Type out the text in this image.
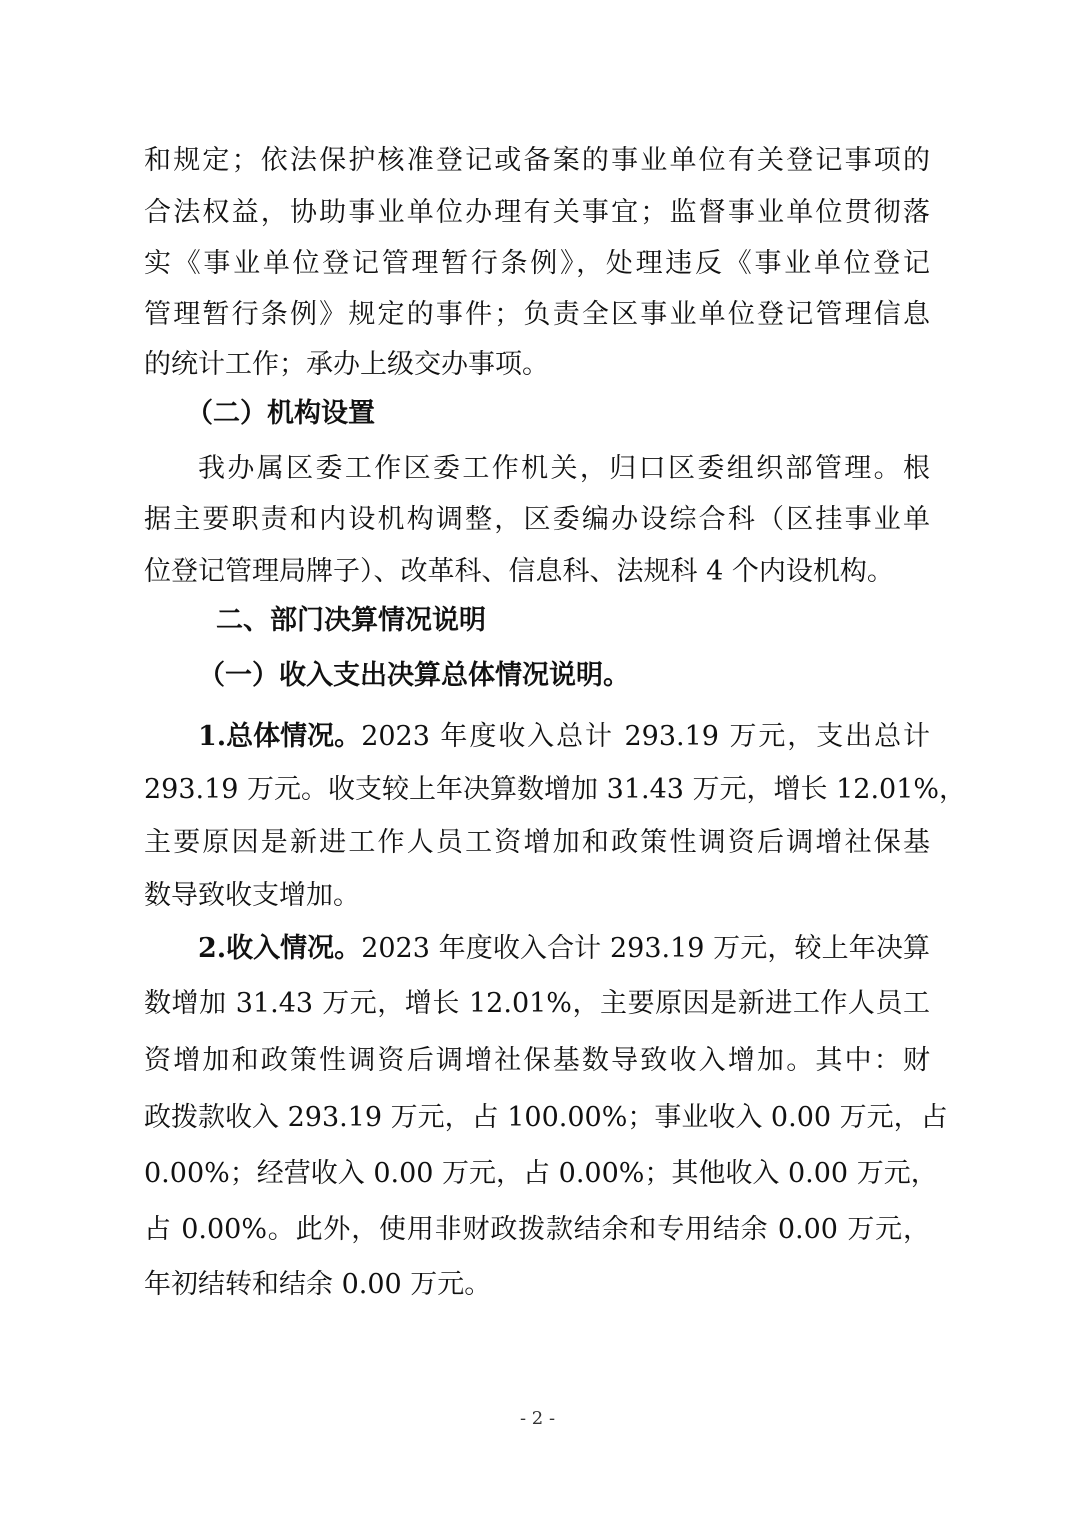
和规定；依法保护核准登记或备案的事业单位有关登记事项的
合法权益，协助事业单位办理有关事宜；监督事业单位贯彻落
实《事业单位登记管理暂行条例》，处理违反《事业单位登记
管理暂行条例》规定的事件；负责全区事业单位登记管理信息
的统计工作；承办上级交办事项。
（二）机构设置
我办属区委工作区委工作机关，归口区委组织部管理。根
据主要职责和内设机构调整，区委编办设综合科（区挂事业单
位登记管理局牌子）、改革科、信息科、法规科 4 个内设机构。
二、部门决算情况说明
（一）收入支出决算总体情况说明。
1.总体情况。 2023 年度收入总计 293.19 万元，支出总计
293.19 万元。收支较上年决算数增加 31.43 万元，增长 12.01%，
主要原因是新进工作人员工资增加和政策性调资后调增社保基
数导致收支增加。
2.收入情况。 2023 年度收入合计 293.19 万元，较上年决算
数增加 31.43 万元，增长 12.01%，主要原因是新进工作人员工
资增加和政策性调资后调增社保基数导致收入增加。其中：财
政拨款收入 293.19 万元，占 100.00%；事业收入 0.00 万元，占
0.00%；经营收入 0.00 万元，占 0.00%；其他收入 0.00 万元，
占 0.00%。此外，使用非财政拨款结余和专用结余 0.00 万元，
年初结转和结余 0.00 万元。
- 2 -
